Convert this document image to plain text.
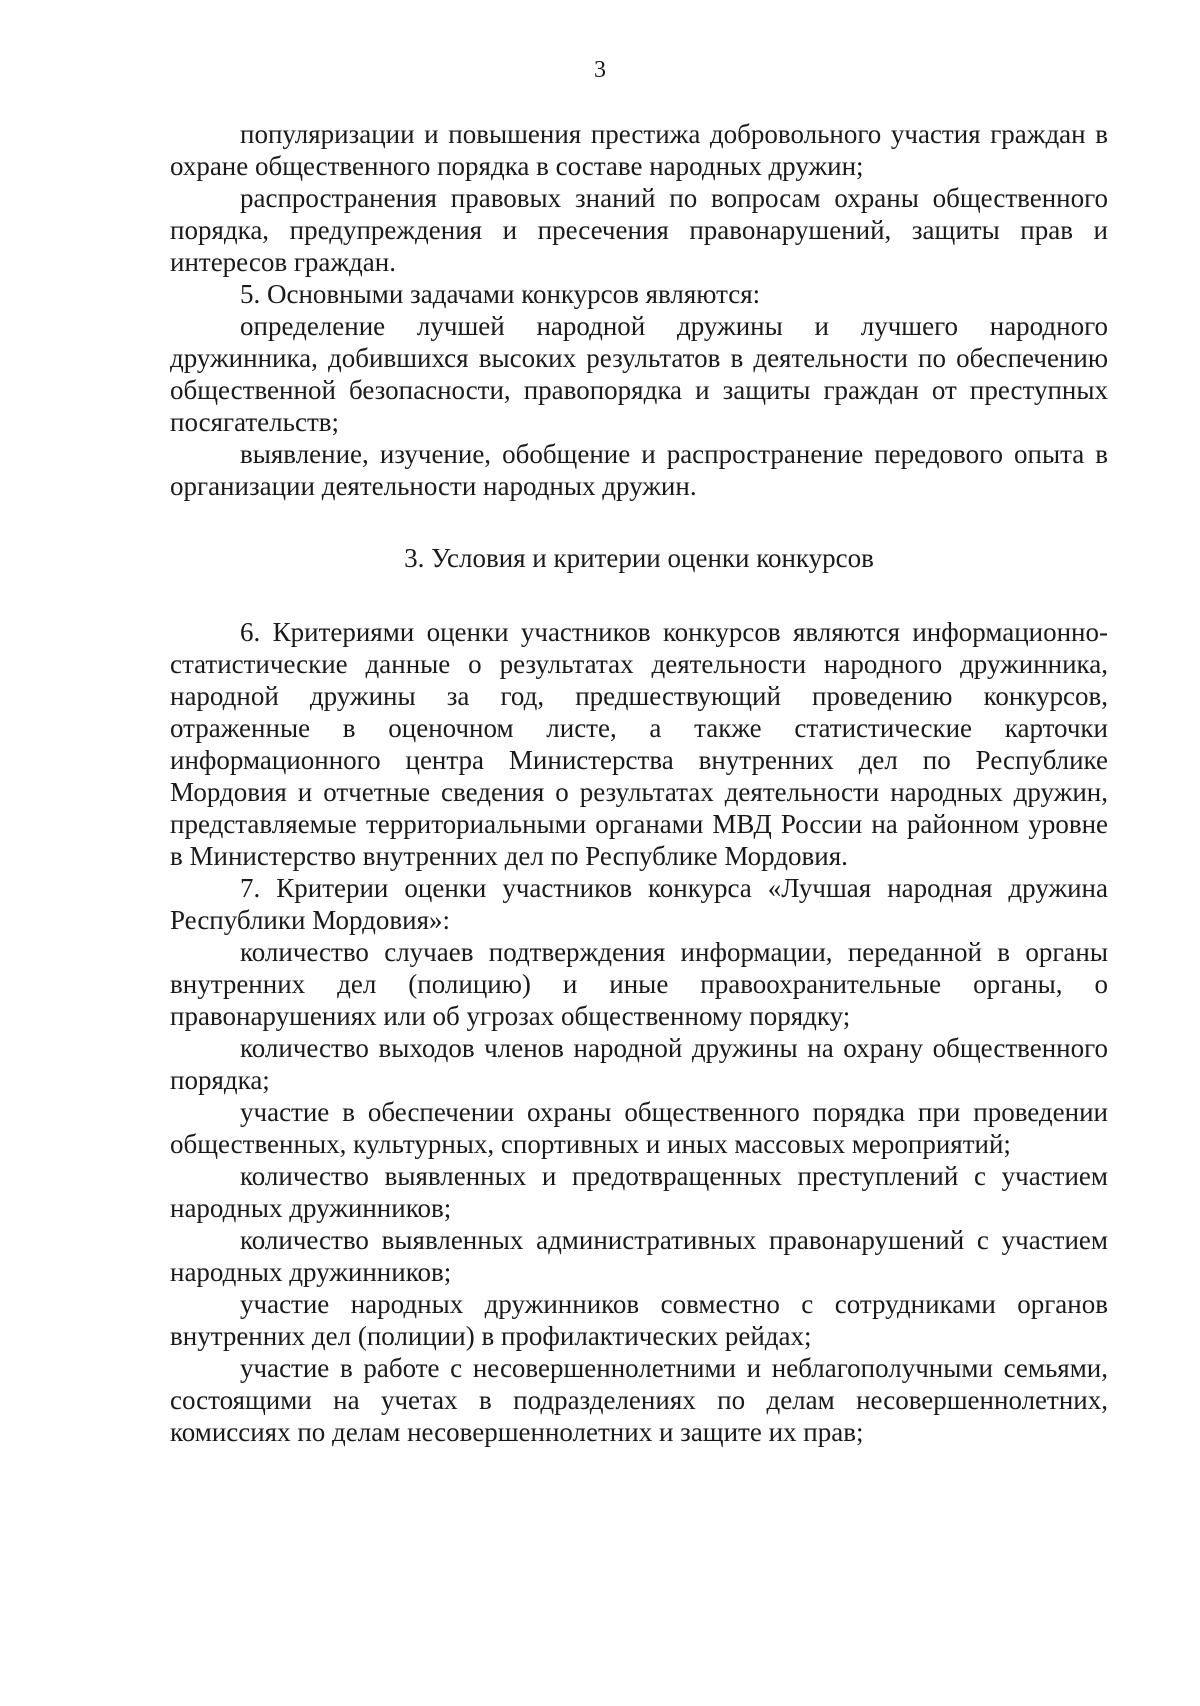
3

популяризации и повышения престижа добровольного участия граждан в охране общественного порядка в составе народных дружин;

распространения правовых знаний по вопросам охраны общественного порядка, предупреждения и пресечения правонарушений, защиты прав и интересов граждан.

5. Основными задачами конкурсов являются:

определение лучшей народной дружины и лучшего народного дружинника, добившихся высоких результатов в деятельности по обеспечению общественной безопасности, правопорядка и защиты граждан от преступных посягательств;

выявление, изучение, обобщение и распространение передового опыта в организации деятельности народных дружин.

3. Условия и критерии оценки конкурсов

6. Критериями оценки участников конкурсов являются информационно-статистические данные о результатах деятельности народного дружинника, народной дружины за год, предшествующий проведению конкурсов, отраженные в оценочном листе, а также статистические карточки информационного центра Министерства внутренних дел по Республике Мордовия и отчетные сведения о результатах деятельности народных дружин, представляемые территориальными органами МВД России на районном уровне в Министерство внутренних дел по Республике Мордовия.

7. Критерии оценки участников конкурса «Лучшая народная дружина Республики Мордовия»:

количество случаев подтверждения информации, переданной в органы внутренних дел (полицию) и иные правоохранительные органы, о правонарушениях или об угрозах общественному порядку;

количество выходов членов народной дружины на охрану общественного порядка;

участие в обеспечении охраны общественного порядка при проведении общественных, культурных, спортивных и иных массовых мероприятий;

количество выявленных и предотвращенных преступлений с участием народных дружинников;

количество выявленных административных правонарушений с участием народных дружинников;

участие народных дружинников совместно с сотрудниками органов внутренних дел (полиции) в профилактических рейдах;

участие в работе с несовершеннолетними и неблагополучными семьями, состоящими на учетах в подразделениях по делам несовершеннолетних, комиссиях по делам несовершеннолетних и защите их прав;
